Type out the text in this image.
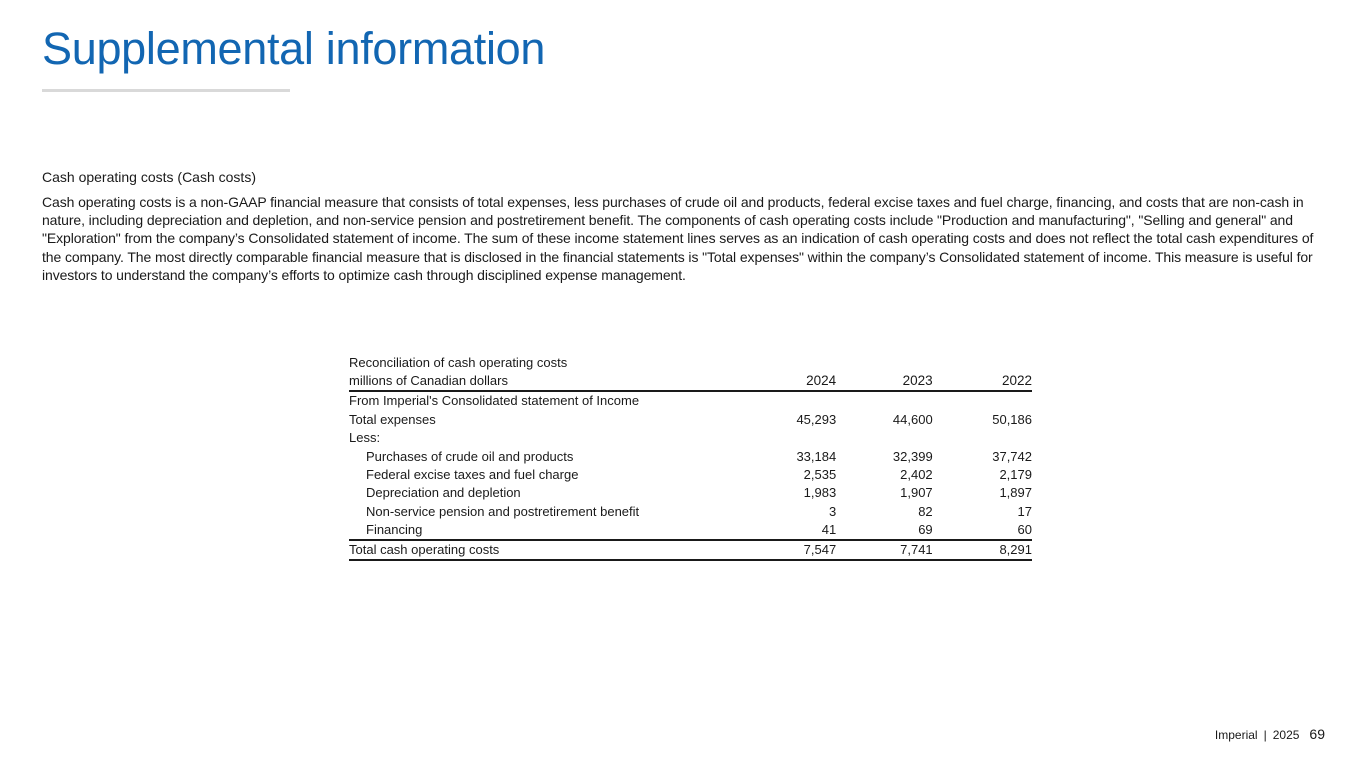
Supplemental information
Cash operating costs (Cash costs)

Cash operating costs is a non-GAAP financial measure that consists of total expenses, less purchases of crude oil and products, federal excise taxes and fuel charge, financing, and costs that are non-cash in nature, including depreciation and depletion, and non-service pension and postretirement benefit. The components of cash operating costs include "Production and manufacturing", "Selling and general" and "Exploration" from the company’s Consolidated statement of income. The sum of these income statement lines serves as an indication of cash operating costs and does not reflect the total cash expenditures of the company. The most directly comparable financial measure that is disclosed in the financial statements is "Total expenses" within the company’s Consolidated statement of income. This measure is useful for investors to understand the company’s efforts to optimize cash through disciplined expense management.

Reconciliation of cash operating costs			
millions of Canadian dollars	2024	2023	2022
From Imperial's Consolidated statement of Income			
Total expenses	45,293	44,600	50,186
Less:			
Purchases of crude oil and products	33,184	32,399	37,742
Federal excise taxes and fuel charge	2,535	2,402	2,179
Depreciation and depletion	1,983	1,907	1,897
Non-service pension and postretirement benefit	3	82	17
Financing	41	69	60
Total cash operating costs	7,547	7,741	8,291
Imperial | 2025 69
